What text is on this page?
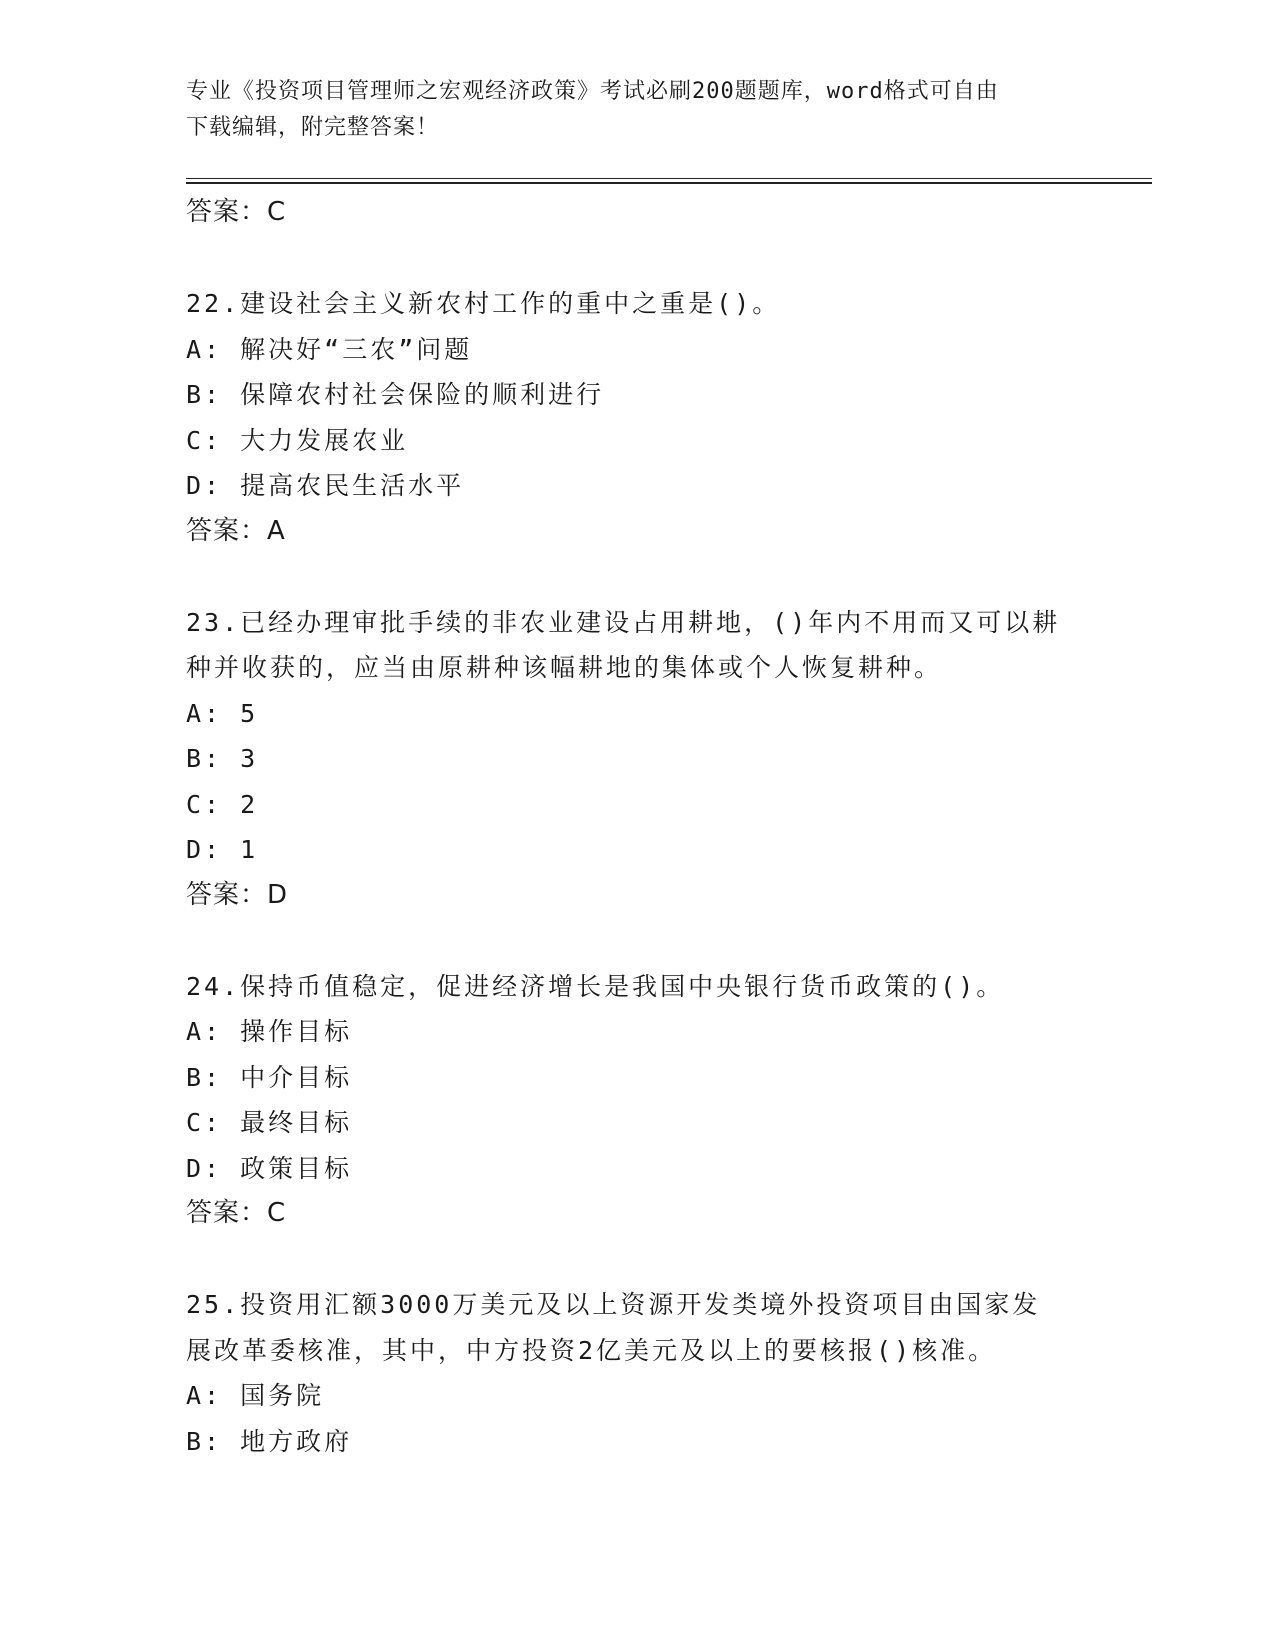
专业《投资项目管理师之宏观经济政策》考试必刷200题题库，word格式可自由
下载编辑，附完整答案！
答案：C
22.建设社会主义新农村工作的重中之重是()。
A: 解决好“三农”问题
B: 保障农村社会保险的顺利进行
C: 大力发展农业
D: 提高农民生活水平
答案：A
23.已经办理审批手续的非农业建设占用耕地，()年内不用而又可以耕
种并收获的，应当由原耕种该幅耕地的集体或个人恢复耕种。
A: 5
B: 3
C: 2
D: 1
答案：D
24.保持币值稳定，促进经济增长是我国中央银行货币政策的()。
A: 操作目标
B: 中介目标
C: 最终目标
D: 政策目标
答案：C
25.投资用汇额3000万美元及以上资源开发类境外投资项目由国家发
展改革委核准，其中，中方投资2亿美元及以上的要核报()核准。
A: 国务院
B: 地方政府
